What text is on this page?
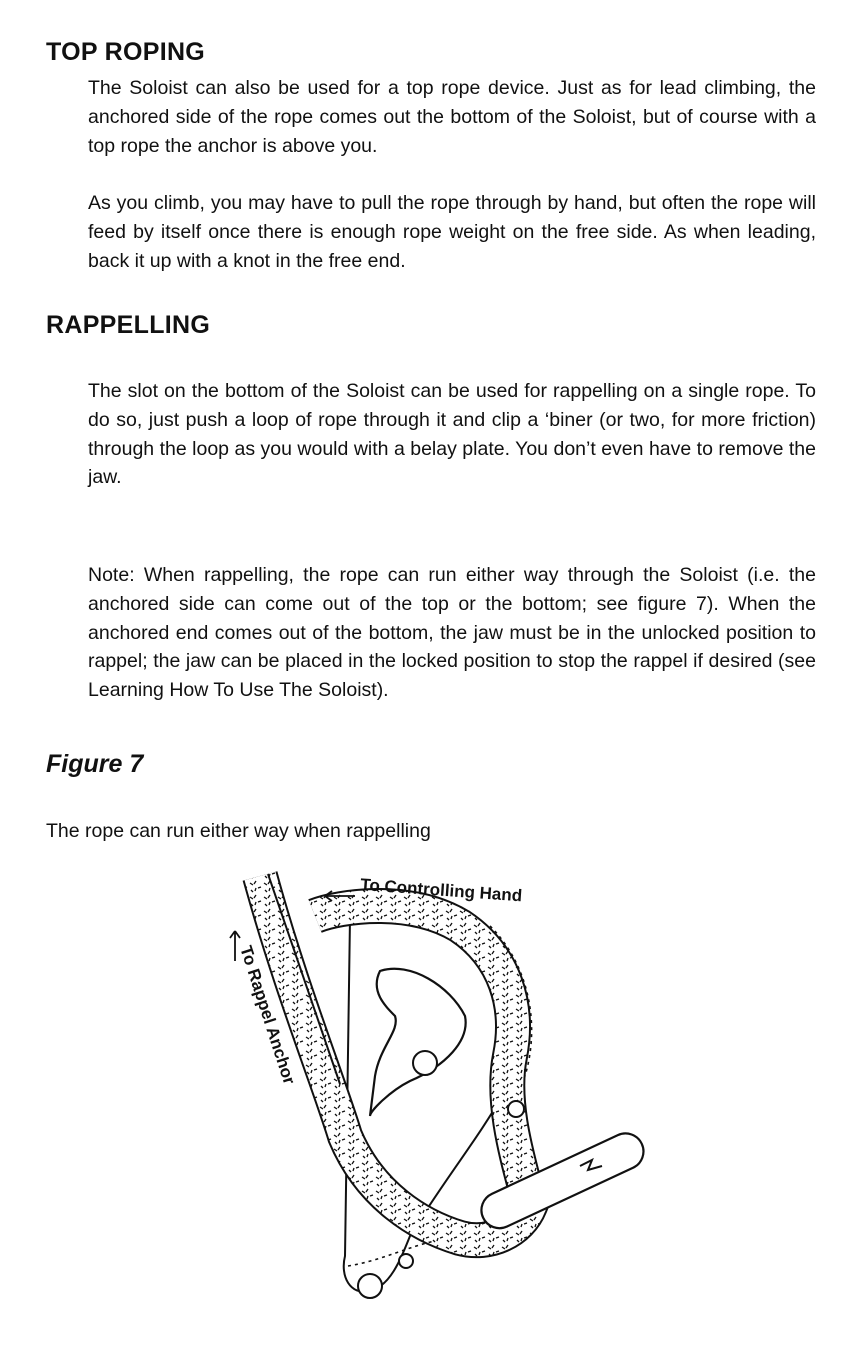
TOP ROPING

The Soloist can also be used for a top rope device. Just as for lead climbing, the anchored side of the rope comes out the bottom of the Soloist, but of course with a top rope the anchor is above you.

As you climb, you may have to pull the rope through by hand, but often the rope will feed by itself once there is enough rope weight on the free side. As when leading, back it up with a knot in the free end.

RAPPELLING

The slot on the bottom of the Soloist can be used for rappelling on a single rope. To do so, just push a loop of rope through it and clip a ‘biner (or two, for more friction) through the loop as you would with a belay plate. You don’t even have to remove the jaw.

Note: When rappelling, the rope can run either way through the Soloist (i.e. the anchored side can come out of the top or the bottom; see figure 7). When the anchored end comes out of the bottom, the jaw must be in the unlocked position to rappel; the jaw can be placed in the locked position to stop the rappel if desired (see Learning How To Use The Soloist).

Figure 7

The rope can run either way when rappelling

To Controlling Hand
To Rappel Anchor
